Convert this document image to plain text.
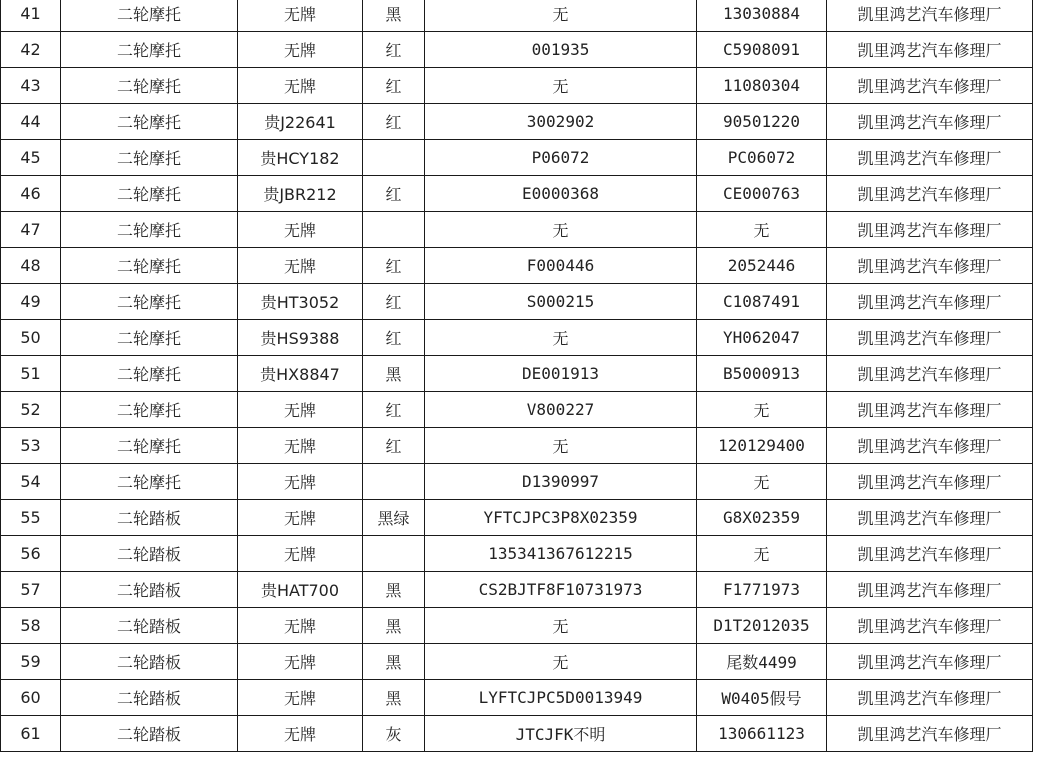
41	二轮摩托	无牌	黑	无	13030884	凯里鸿艺汽车修理厂
42	二轮摩托	无牌	红	001935	C5908091	凯里鸿艺汽车修理厂
43	二轮摩托	无牌	红	无	11080304	凯里鸿艺汽车修理厂
44	二轮摩托	贵J22641	红	3002902	90501220	凯里鸿艺汽车修理厂
45	二轮摩托	贵HCY182		P06072	PC06072	凯里鸿艺汽车修理厂
46	二轮摩托	贵JBR212	红	E0000368	CE000763	凯里鸿艺汽车修理厂
47	二轮摩托	无牌		无	无	凯里鸿艺汽车修理厂
48	二轮摩托	无牌	红	F000446	2052446	凯里鸿艺汽车修理厂
49	二轮摩托	贵HT3052	红	S000215	C1087491	凯里鸿艺汽车修理厂
50	二轮摩托	贵HS9388	红	无	YH062047	凯里鸿艺汽车修理厂
51	二轮摩托	贵HX8847	黑	DE001913	B5000913	凯里鸿艺汽车修理厂
52	二轮摩托	无牌	红	V800227	无	凯里鸿艺汽车修理厂
53	二轮摩托	无牌	红	无	120129400	凯里鸿艺汽车修理厂
54	二轮摩托	无牌		D1390997	无	凯里鸿艺汽车修理厂
55	二轮踏板	无牌	黑绿	YFTCJPC3P8X02359	G8X02359	凯里鸿艺汽车修理厂
56	二轮踏板	无牌		135341367612215	无	凯里鸿艺汽车修理厂
57	二轮踏板	贵HAT700	黑	CS2BJTF8F10731973	F1771973	凯里鸿艺汽车修理厂
58	二轮踏板	无牌	黑	无	D1T2012035	凯里鸿艺汽车修理厂
59	二轮踏板	无牌	黑	无	尾数4499	凯里鸿艺汽车修理厂
60	二轮踏板	无牌	黑	LYFTCJPC5D0013949	W0405假号	凯里鸿艺汽车修理厂
61	二轮踏板	无牌	灰	JTCJFK不明	130661123	凯里鸿艺汽车修理厂
